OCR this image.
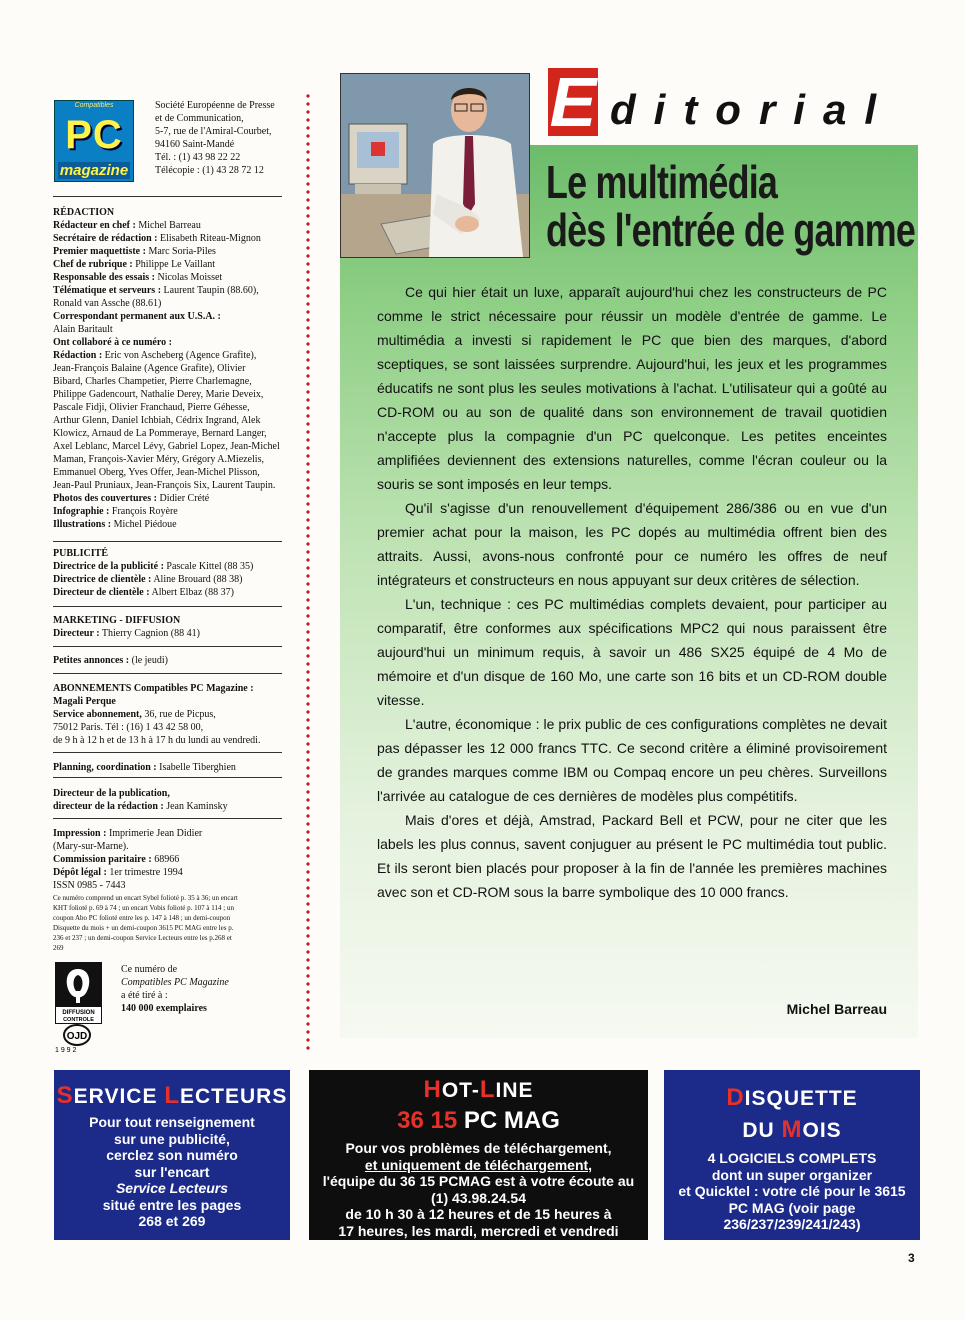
Compatibles
PC
magazine
Société Européenne de Presse
et de Communication,
5-7, rue de l'Amiral-Courbet,
94160 Saint-Mandé
Tél. : (1) 43 98 22 22
Télécopie : (1) 43 28 72 12
RÉDACTION
Rédacteur en chef : Michel Barreau
Secrétaire de rédaction : Elisabeth Riteau-Mignon
Premier maquettiste : Marc Soria-Piles
Chef de rubrique : Philippe Le Vaillant
Responsable des essais : Nicolas Moisset
Télématique et serveurs : Laurent Taupin (88.60),
Ronald van Assche (88.61)
Correspondant permanent aux U.S.A. :
Alain Baritault
Ont collaboré à ce numéro :
Rédaction : Eric von Ascheberg (Agence Grafite),
Jean-François Balaine (Agence Grafite), Olivier
Bibard, Charles Champetier, Pierre Charlemagne,
Philippe Gadencourt, Nathalie Derey, Marie Deveix,
Pascale Fidji, Olivier Franchaud, Pierre Géhesse,
Arthur Glenn, Daniel Ichbiah, Cédrix Ingrand, Alek
Klowicz, Arnaud de La Pommeraye, Bernard Langer,
Axel Leblanc, Marcel Lévy, Gabriel Lopez, Jean-Michel
Maman, François-Xavier Méry, Grégory A.Miezelis,
Emmanuel Oberg, Yves Offer, Jean-Michel Plisson,
Jean-Paul Pruniaux, Jean-François Six, Laurent Taupin.
Photos des couvertures : Didier Crété
Infographie : François Royère
Illustrations : Michel Piédoue
PUBLICITÉ
Directrice de la publicité : Pascale Kittel (88 35)
Directrice de clientèle : Aline Brouard (88 38)
Directeur de clientèle : Albert Elbaz (88 37)
MARKETING - DIFFUSION
Directeur : Thierry Cagnion (88 41)
Petites annonces : (le jeudi)
ABONNEMENTS Compatibles PC Magazine :
Magali Perque
Service abonnement, 36, rue de Picpus,
75012 Paris. Tél : (16) 1 43 42 58 00,
de 9 h à 12 h et de 13 h à 17 h du lundi au vendredi.
Planning, coordination : Isabelle Tiberghien
Directeur de la publication,
directeur de la rédaction : Jean Kaminsky
Impression : Imprimerie Jean Didier
(Mary-sur-Marne).
Commission paritaire : 68966
Dépôt légal : 1er trimestre 1994
ISSN 0985 - 7443
Ce numéro comprend un encart Sybel folioté p. 35 à 36; un encart
KHT folioté p. 69 à 74 ; un encart Vobis folioté p. 107 à 114 ; un
coupon Abo PC folioté entre les p. 147 à 148 ; un demi-coupon
Disquette du mois + un demi-coupon 3615 PC MAG entre les p.
236 et 237 ; un demi-coupon Service Lecteurs entre les p.268 et
269
DIFFUSION
CONTROLE
OJD
1 9 9 2
Ce numéro de
Compatibles PC Magazine
a été tiré à :
140 000 exemplaires
E ditorial
Le multimédia
dès l'entrée de gamme

Ce qui hier était un luxe, apparaît aujourd'hui chez les constructeurs de PC comme le strict nécessaire pour réussir un modèle d'entrée de gamme. Le multimédia a investi si rapidement le PC que bien des marques, d'abord sceptiques, se sont laissées surprendre. Aujourd'hui, les jeux et les programmes éducatifs ne sont plus les seules motivations à l'achat. L'utilisateur qui a goûté au CD-ROM ou au son de qualité dans son environnement de travail quotidien n'accepte plus la compagnie d'un PC quelconque. Les petites enceintes amplifiées deviennent des extensions naturelles, comme l'écran couleur ou la souris se sont imposés en leur temps.

Qu'il s'agisse d'un renouvellement d'équipement 286/386 ou en vue d'un premier achat pour la maison, les PC dopés au multimédia offrent bien des attraits. Aussi, avons-nous confronté pour ce numéro les offres de neuf intégrateurs et constructeurs en nous appuyant sur deux critères de sélection.

L'un, technique : ces PC multimédias complets devaient, pour participer au comparatif, être conformes aux spécifications MPC2 qui nous paraissent être aujourd'hui un minimum requis, à savoir un 486 SX25 équipé de 4 Mo de mémoire et d'un disque de 160 Mo, une carte son 16 bits et un CD-ROM double vitesse.

L'autre, économique : le prix public de ces configurations complètes ne devait pas dépasser les 12 000 francs TTC. Ce second critère a éliminé provisoirement de grandes marques comme IBM ou Compaq encore un peu chères. Surveillons l'arrivée au catalogue de ces dernières de modèles plus compétitifs.

Mais d'ores et déjà, Amstrad, Packard Bell et PCW, pour ne citer que les labels les plus connus, savent conjuguer au présent le PC multimédia tout public. Et ils seront bien placés pour proposer à la fin de l'année les premières machines avec son et CD-ROM sous la barre symbolique des 10 000 francs.

Michel Barreau
SERVICE LECTEURS
Pour tout renseignement
sur une publicité,
cerclez son numéro
sur l'encart
Service Lecteurs
situé entre les pages
268 et 269
HOT-LINE
36 15 PC MAG
Pour vos problèmes de téléchargement,
et uniquement de téléchargement,
l'équipe du 36 15 PCMAG est à votre écoute au
(1) 43.98.24.54
de 10 h 30 à 12 heures et de 15 heures à
17 heures, les mardi, mercredi et vendredi
DISQUETTE
DU MOIS
4 LOGICIELS COMPLETS
dont un super organizer
et Quicktel : votre clé pour le 3615
PC MAG (voir page
236/237/239/241/243)
3
